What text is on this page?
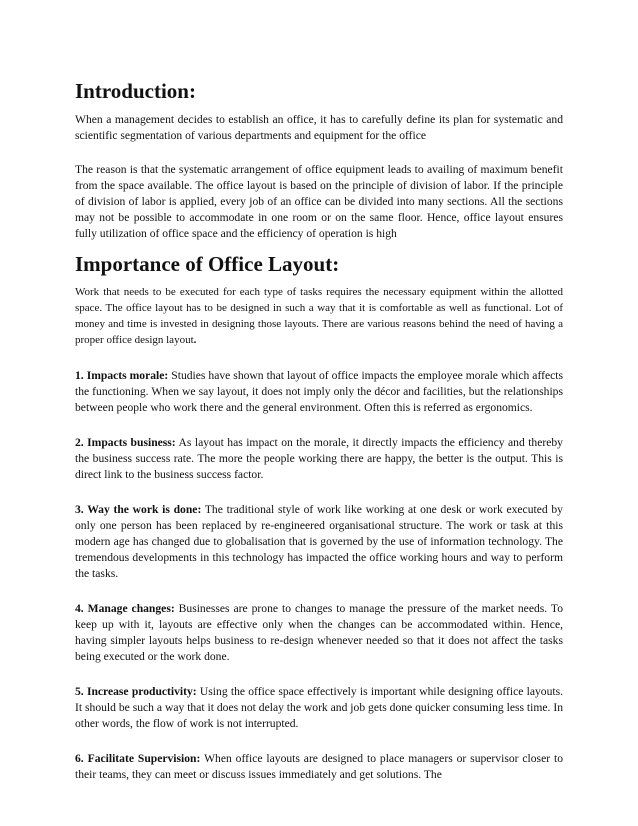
Introduction:

When a management decides to establish an office, it has to carefully define its plan for systematic and scientific segmentation of various departments and equipment for the office

The reason is that the systematic arrangement of office equipment leads to availing of maximum benefit from the space available. The office layout is based on the principle of division of labor. If the principle of division of labor is applied, every job of an office can be divided into many sections. All the sections may not be possible to accommodate in one room or on the same floor. Hence, office layout ensures fully utilization of office space and the efficiency of operation is high

Importance of Office Layout:

Work that needs to be executed for each type of tasks requires the necessary equipment within the allotted space. The office layout has to be designed in such a way that it is comfortable as well as functional. Lot of money and time is invested in designing those layouts. There are various reasons behind the need of having a proper office design layout.

1. Impacts morale: Studies have shown that layout of office impacts the employee morale which affects the functioning. When we say layout, it does not imply only the décor and facilities, but the relationships between people who work there and the general environment. Often this is referred as ergonomics.

2. Impacts business: As layout has impact on the morale, it directly impacts the efficiency and thereby the business success rate. The more the people working there are happy, the better is the output. This is direct link to the business success factor.

3. Way the work is done: The traditional style of work like working at one desk or work executed by only one person has been replaced by re-engineered organisational structure. The work or task at this modern age has changed due to globalisation that is governed by the use of information technology. The tremendous developments in this technology has impacted the office working hours and way to perform the tasks.

4. Manage changes: Businesses are prone to changes to manage the pressure of the market needs. To keep up with it, layouts are effective only when the changes can be accommodated within. Hence, having simpler layouts helps business to re-design whenever needed so that it does not affect the tasks being executed or the work done.

5. Increase productivity: Using the office space effectively is important while designing office layouts. It should be such a way that it does not delay the work and job gets done quicker consuming less time. In other words, the flow of work is not interrupted.

6. Facilitate Supervision: When office layouts are designed to place managers or supervisor closer to their teams, they can meet or discuss issues immediately and get solutions. The
